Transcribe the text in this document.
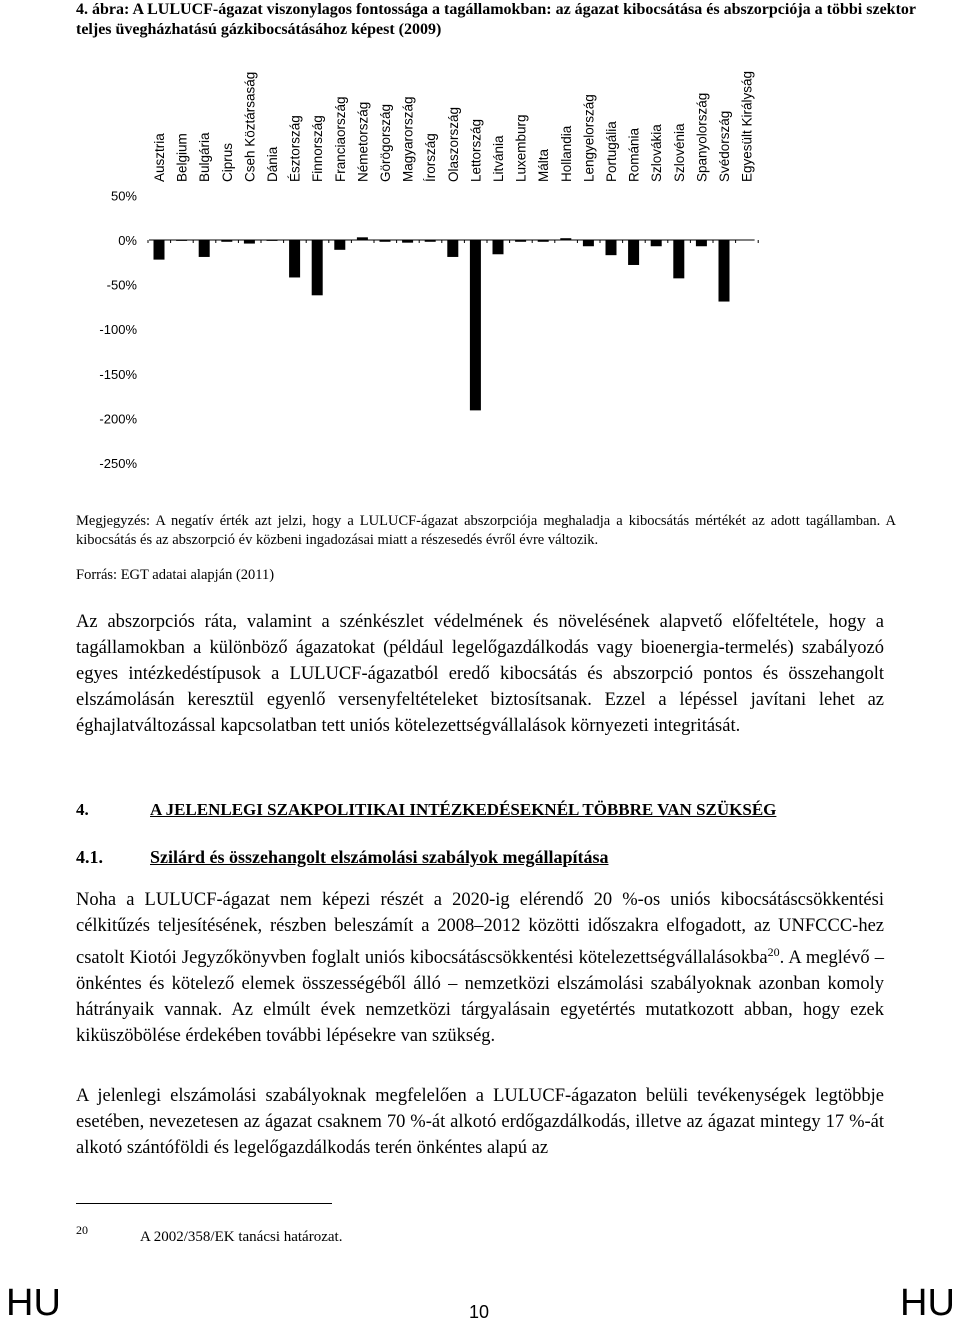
4. ábra: A LULUCF-ágazat viszonylagos fontossága a tagállamokban: az ágazat kibocsátása és abszorpciója a többi szektor teljes üvegházhatású gázkibocsátásához képest (2009)
50%
0%
-50%
-100%
-150%
-200%
-250%
Ausztria Belgium Bulgária Ciprus Cseh Köztársaság Dánia Észtország Finnország Franciaország Németország Görögország Magyarország Írország Olaszország Lettország Litvánia Luxemburg Málta Hollandia Lengyelország Portugália Románia Szlovákia Szlovénia Spanyolország Svédország Egyesült Királyság
Megjegyzés: A negatív érték azt jelzi, hogy a LULUCF-ágazat abszorpciója meghaladja a kibocsátás mértékét az adott tagállamban. A kibocsátás és az abszorpció év közbeni ingadozásai miatt a részesedés évről évre változik.
Forrás: EGT adatai alapján (2011)
Az abszorpciós ráta, valamint a szénkészlet védelmének és növelésének alapvető előfeltétele, hogy a tagállamokban a különböző ágazatokat (például legelőgazdálkodás vagy bioenergia-termelés) szabályozó egyes intézkedéstípusok a LULUCF-ágazatból eredő kibocsátás és abszorpció pontos és összehangolt elszámolásán keresztül egyenlő versenyfeltételeket biztosítsanak. Ezzel a lépéssel javítani lehet az éghajlatváltozással kapcsolatban tett uniós kötelezettségvállalások környezeti integritását.
4.	A JELENLEGI SZAKPOLITIKAI INTÉZKEDÉSEKNÉL TÖBBRE VAN SZÜKSÉG
4.1.	Szilárd és összehangolt elszámolási szabályok megállapítása
Noha a LULUCF-ágazat nem képezi részét a 2020-ig elérendő 20 %-os uniós kibocsátáscsökkentési célkitűzés teljesítésének, részben beleszámít a 2008–2012 közötti időszakra elfogadott, az UNFCCC-hez csatolt Kiotói Jegyzőkönyvben foglalt uniós kibocsátáscsökkentési kötelezettségvállalásokba$^{20}$. A meglévő – önkéntes és kötelező elemek összességéből álló – nemzetközi elszámolási szabályoknak azonban komoly hátrányaik vannak. Az elmúlt évek nemzetközi tárgyalásain egyetértés mutatkozott abban, hogy ezek kiküszöbölése érdekében további lépésekre van szükség.
A jelenlegi elszámolási szabályoknak megfelelően a LULUCF-ágazaton belüli tevékenységek legtöbbje esetében, nevezetesen az ágazat csaknem 70 %-át alkotó erdőgazdálkodás, illetve az ágazat mintegy 17 %-át alkotó szántóföldi és legelőgazdálkodás terén önkéntes alapú az
20	A 2002/358/EK tanácsi határozat.
HU	10	HU
